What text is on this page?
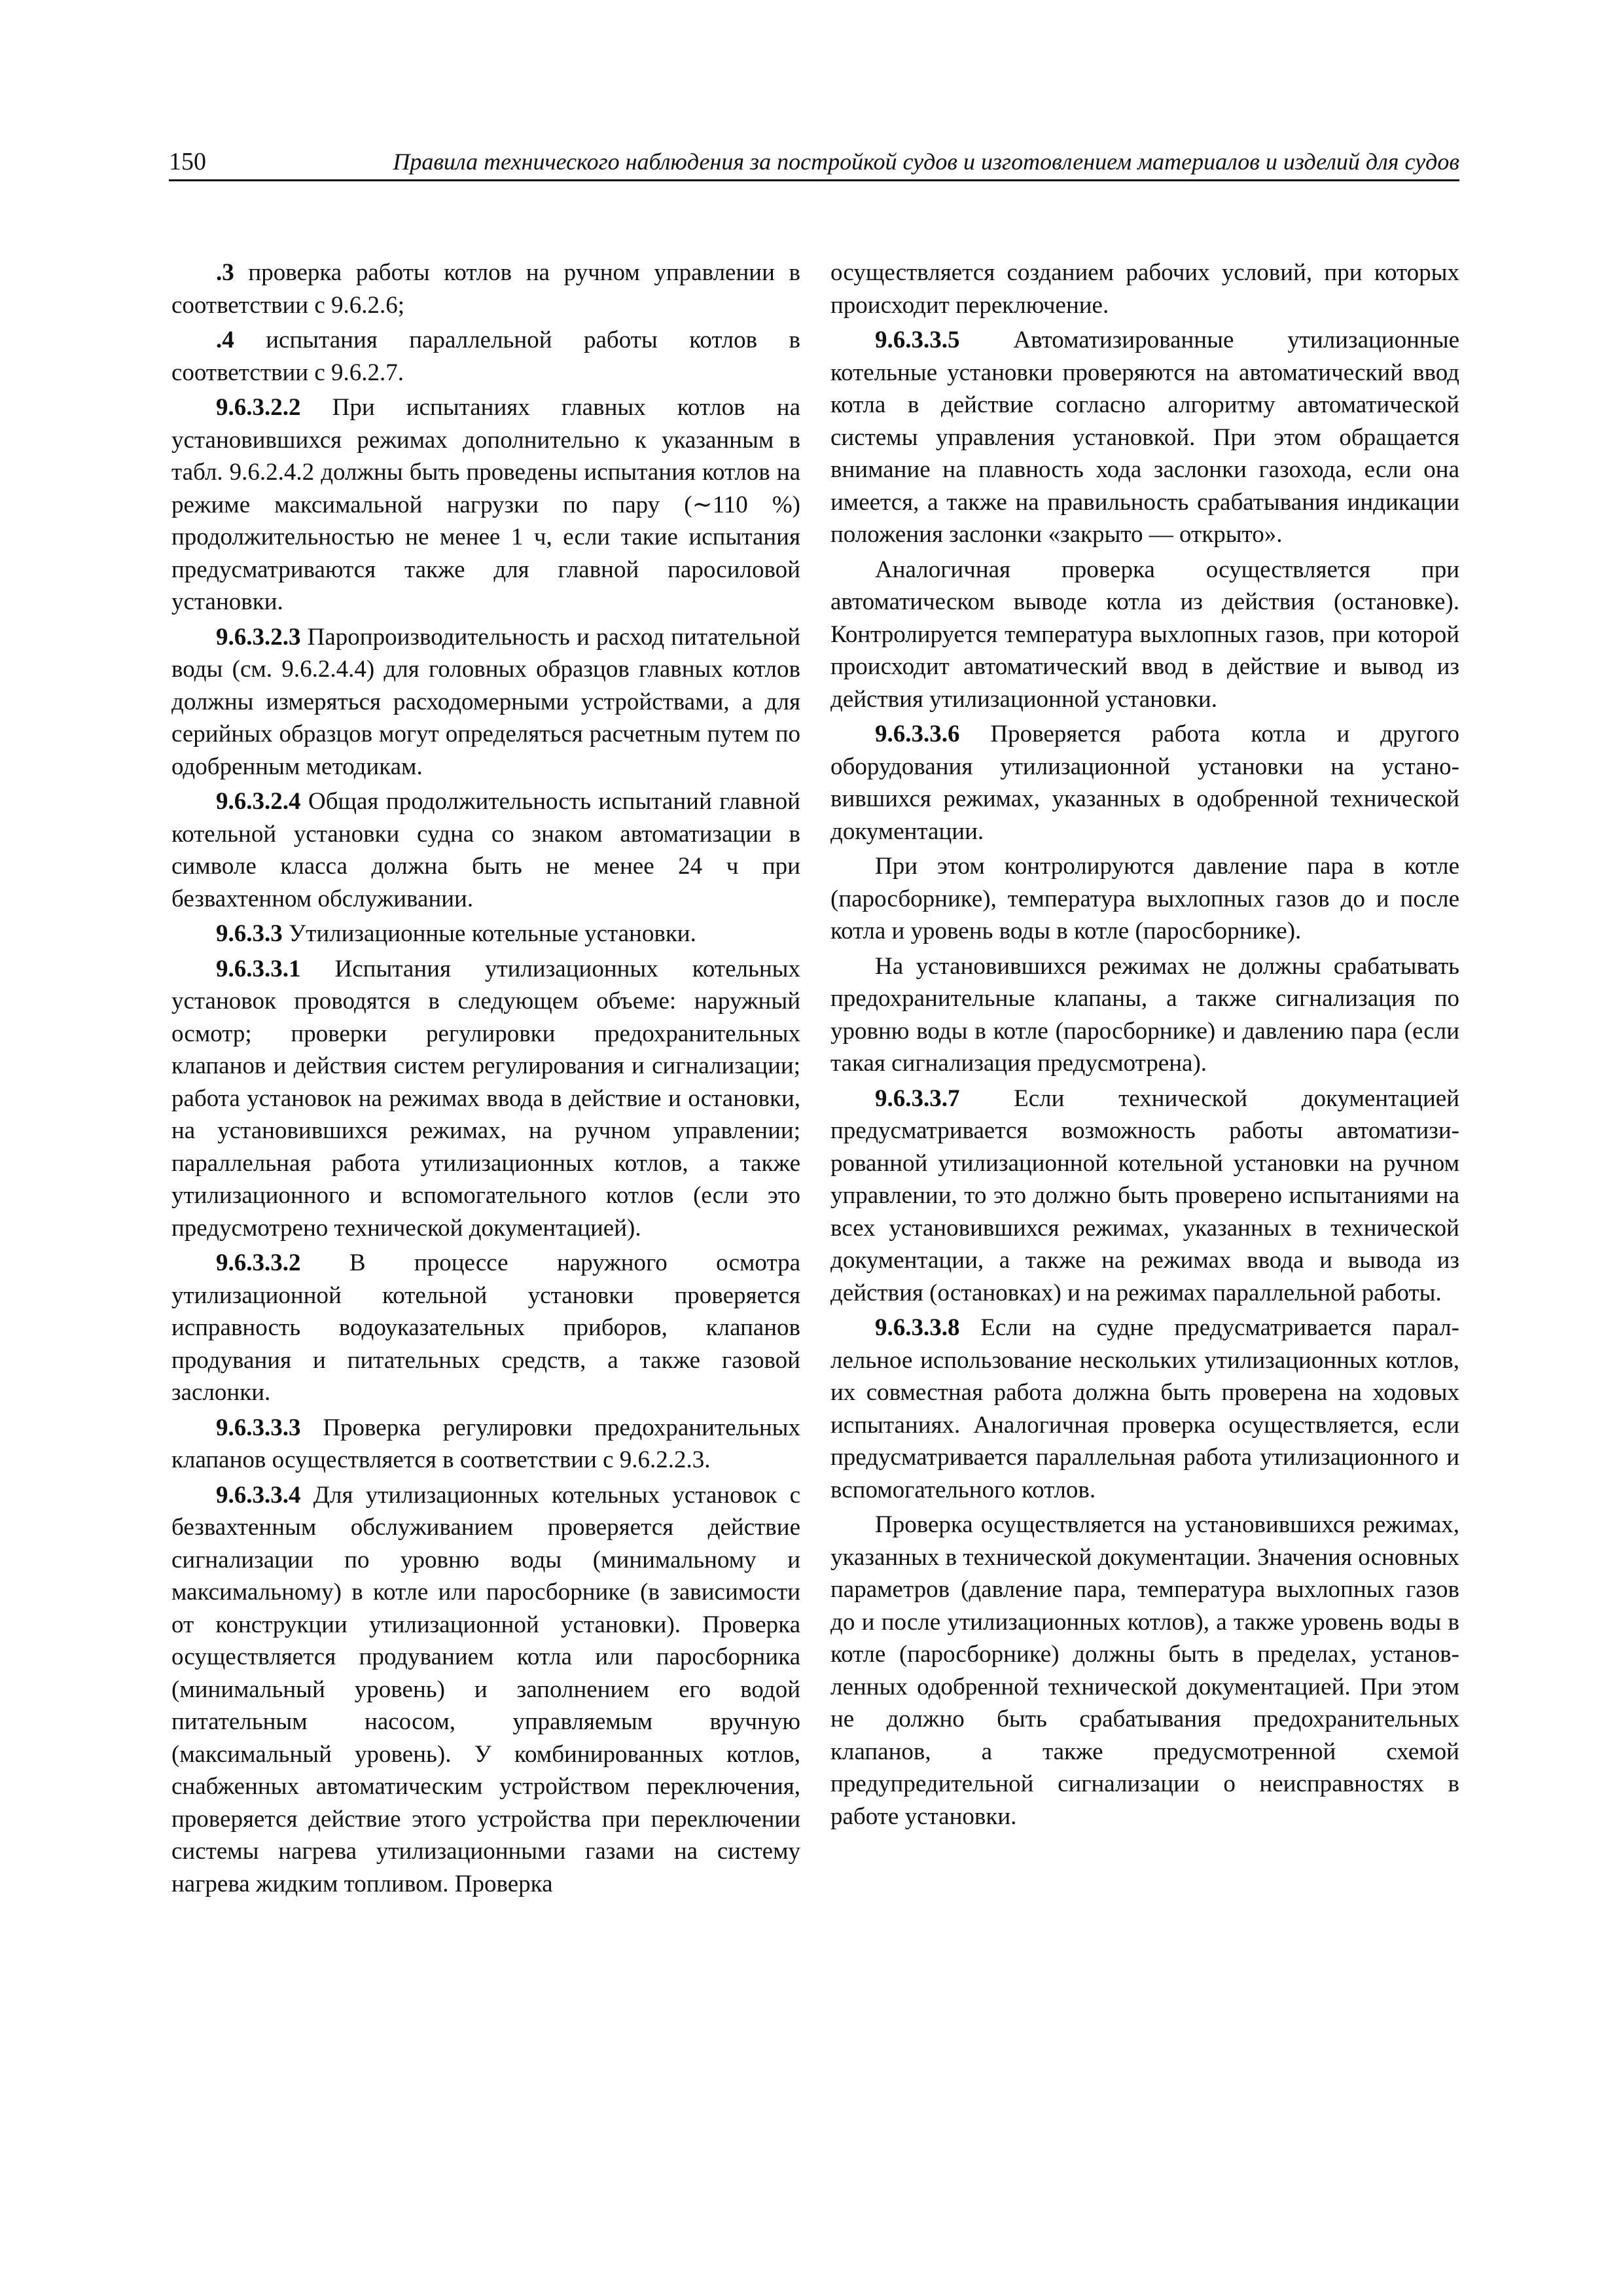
150	Правила технического наблюдения за постройкой судов и изготовлением материалов и изделий для судов

.3 проверка работы котлов на ручном управлении в соответствии с 9.6.2.6;

.4 испытания параллельной работы котлов в соответствии с 9.6.2.7.

9.6.3.2.2 При испытаниях главных котлов на установившихся режимах дополнительно к указанным в табл. 9.6.2.4.2 должны быть проведены испытания котлов на режиме максимальной нагрузки по пару (∼110 %) продолжительностью не менее 1 ч, если такие испытания предусматриваются также для главной паросиловой установки.

9.6.3.2.3 Паропроизводительность и расход питательной воды (см. 9.6.2.4.4) для головных образцов главных котлов должны измеряться расходомерными устройствами, а для серийных образцов могут определяться расчетным путем по одобренным методикам.

9.6.3.2.4 Общая продолжительность испытаний главной котельной установки судна со знаком автоматизации в символе класса должна быть не менее 24 ч при безвахтенном обслуживании.

9.6.3.3 Утилизационные котельные установки.

9.6.3.3.1 Испытания утилизационных котельных установок проводятся в следующем объеме: наружный осмотр; проверки регулировки предохранительных клапанов и действия систем регулирования и сигнализации; работа установок на режимах ввода в действие и остановки, на установившихся режимах, на ручном управлении; параллельная работа утилизационных котлов, а также утилизационного и вспомогательного котлов (если это предусмотрено технической документацией).

9.6.3.3.2 В процессе наружного осмотра утилизационной котельной установки проверяется исправность водоуказательных приборов, клапанов продувания и питательных средств, а также газовой заслонки.

9.6.3.3.3 Проверка регулировки предохранительных клапанов осуществляется в соответствии с 9.6.2.2.3.

9.6.3.3.4 Для утилизационных котельных установок с безвахтенным обслуживанием проверяется действие сигнализации по уровню воды (минимальному и максимальному) в котле или паросборнике (в зависимости от конструкции утилизационной установки). Проверка осуществляется продуванием котла или паросборника (минимальный уровень) и заполнением его водой питательным насосом, управляемым вручную (максимальный уровень). У комбинированных котлов, снабженных автоматическим устройством переключения, проверяется действие этого устройства при переключении системы нагрева утилизационными газами на систему нагрева жидким топливом. Проверка

осуществляется созданием рабочих условий, при которых происходит переключение.

9.6.3.3.5 Автоматизированные утилизационные котельные установки проверяются на автоматический ввод котла в действие согласно алгоритму автоматической системы управления установкой. При этом обращается внимание на плавность хода заслонки газохода, если она имеется, а также на правильность срабатывания индикации положения заслонки «закрыто — открыто».

Аналогичная проверка осуществляется при автоматическом выводе котла из действия (остановке). Контролируется температура выхлопных газов, при которой происходит автоматический ввод в действие и вывод из действия утилизационной установки.

9.6.3.3.6 Проверяется работа котла и другого оборудования утилизационной установки на установившихся режимах, указанных в одобренной технической документации.

При этом контролируются давление пара в котле (паросборнике), температура выхлопных газов до и после котла и уровень воды в котле (паросборнике).

На установившихся режимах не должны срабатывать предохранительные клапаны, а также сигнализация по уровню воды в котле (паросборнике) и давлению пара (если такая сигнализация предусмотрена).

9.6.3.3.7 Если технической документацией предусматривается возможность работы автоматизированной утилизационной котельной установки на ручном управлении, то это должно быть проверено испытаниями на всех установившихся режимах, указанных в технической документации, а также на режимах ввода и вывода из действия (остановках) и на режимах параллельной работы.

9.6.3.3.8 Если на судне предусматривается параллельное использование нескольких утилизационных котлов, их совместная работа должна быть проверена на ходовых испытаниях. Аналогичная проверка осуществляется, если предусматривается параллельная работа утилизационного и вспомогательного котлов.

Проверка осуществляется на установившихся режимах, указанных в технической документации. Значения основных параметров (давление пара, температура выхлопных газов до и после утилизационных котлов), а также уровень воды в котле (паросборнике) должны быть в пределах, установленных одобренной технической документацией. При этом не должно быть срабатывания предохранительных клапанов, а также предусмотренной схемой предупредительной сигнализации о неисправностях в работе установки.
